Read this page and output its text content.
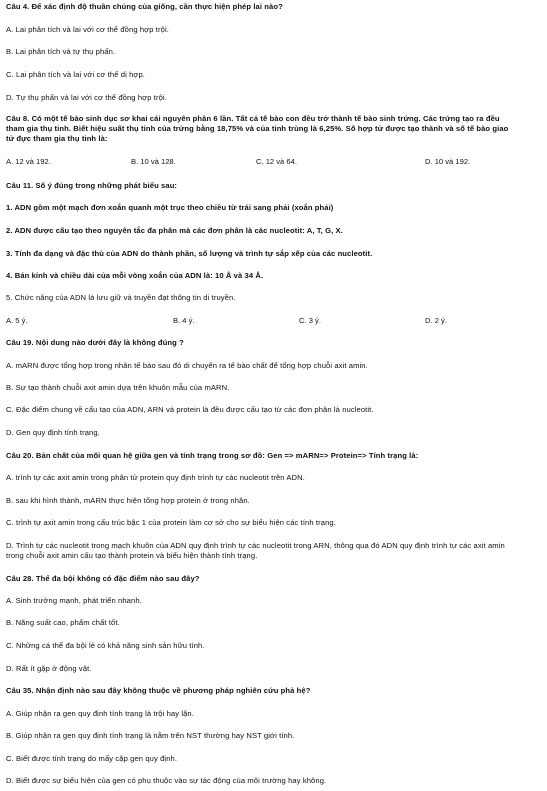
Câu 4. Để xác định độ thuần chủng của giống, cần thực hiện phép lai nào?
A. Lai phân tích và lai với cơ thể đồng hợp trội.
B. Lai phân tích và tự thụ phấn.
C. Lai phân tích và lai với cơ thể dị hợp.
D. Tự thụ phấn và lai với cơ thể đồng hợp trội.
Câu 8. Có một tế bào sinh dục sơ khai cái nguyên phân 6 lần. Tất cả tế bào con đều trở thành tế bào sinh trứng. Các trứng tạo ra đều
tham gia thụ tinh. Biết hiệu suất thụ tinh của trứng bằng 18,75% và của tinh trùng là 6,25%. Số hợp tử được tạo thành và số tế bào giao
tử đực tham gia thụ tinh là:
A. 12 và 192.	B. 10 và 128.	C. 12 và 64.	D. 10 và 192.
Câu 11. Số ý đúng trong những phát biểu sau:
1. ADN gồm một mạch đơn xoắn quanh một trục theo chiều từ trái sang phải (xoắn phải)
2. ADN được cấu tạo theo nguyên tắc đa phân mà các đơn phân là các nucleotit: A, T, G, X.
3. Tính đa dạng và đặc thù của ADN do thành phần, số lượng và trình tự sắp xếp của các nucleotit.
4. Bán kính và chiều dài của mỗi vòng xoắn của ADN là: 10 Å và 34 Å.
5. Chức năng của ADN là lưu giữ và truyền đạt thông tin di truyền.
A. 5 ý.	B. 4 ý.	C. 3 ý.	D. 2 ý.
Câu 19. Nội dung nào dưới đây là không đúng ?
A. mARN được tổng hợp trong nhân tế bào sau đó di chuyển ra tế bào chất để tổng hợp chuỗi axit amin.
B. Sự tạo thành chuỗi axit amin dựa trên khuôn mẫu của mARN.
C. Đặc điểm chung về cấu tạo của ADN, ARN và protein là đều được cấu tạo từ các đơn phân là nucleotit.
D. Gen quy định tính trạng.
Câu 20. Bản chất của mối quan hệ giữa gen và tính trạng trong sơ đồ: Gen => mARN=> Protein=> Tính trạng là:
A. trình tự các axit amin trong phân tử protein quy định trình tự các nucleotit trên ADN.
B. sau khi hình thành, mARN thực hiện tổng hợp protein ở trong nhân.
C. trình tự axit amin trong cấu trúc bậc 1 của protein làm cơ sở cho sự biểu hiện các tính trạng.
D. Trình tự các nucleotit trong mạch khuôn của ADN quy định trình tự các nucleotit trong ARN, thông qua đó ADN quy định trình tự các axit amin
trong chuỗi axit amin cấu tạo thành protein và biểu hiện thành tính trạng.
Câu 28. Thể đa bội không có đặc điểm nào sau đây?
A. Sinh trưởng mạnh, phát triển nhanh.
B. Năng suất cao, phẩm chất tốt.
C. Những cá thể đa bội lẻ có khả năng sinh sản hữu tính.
D. Rất ít gặp ở động vật.
Câu 35. Nhận định nào sau đây không thuộc về phương pháp nghiên cứu phả hệ?
A. Giúp nhận ra gen quy định tính trạng là trội hay lặn.
B. Giúp nhận ra gen quy định tính trạng là nằm trên NST thường hay NST giới tính.
C. Biết được tính trạng do mấy cặp gen quy định.
D. Biết được sự biểu hiện của gen có phụ thuộc vào sự tác động của môi trường hay không.
